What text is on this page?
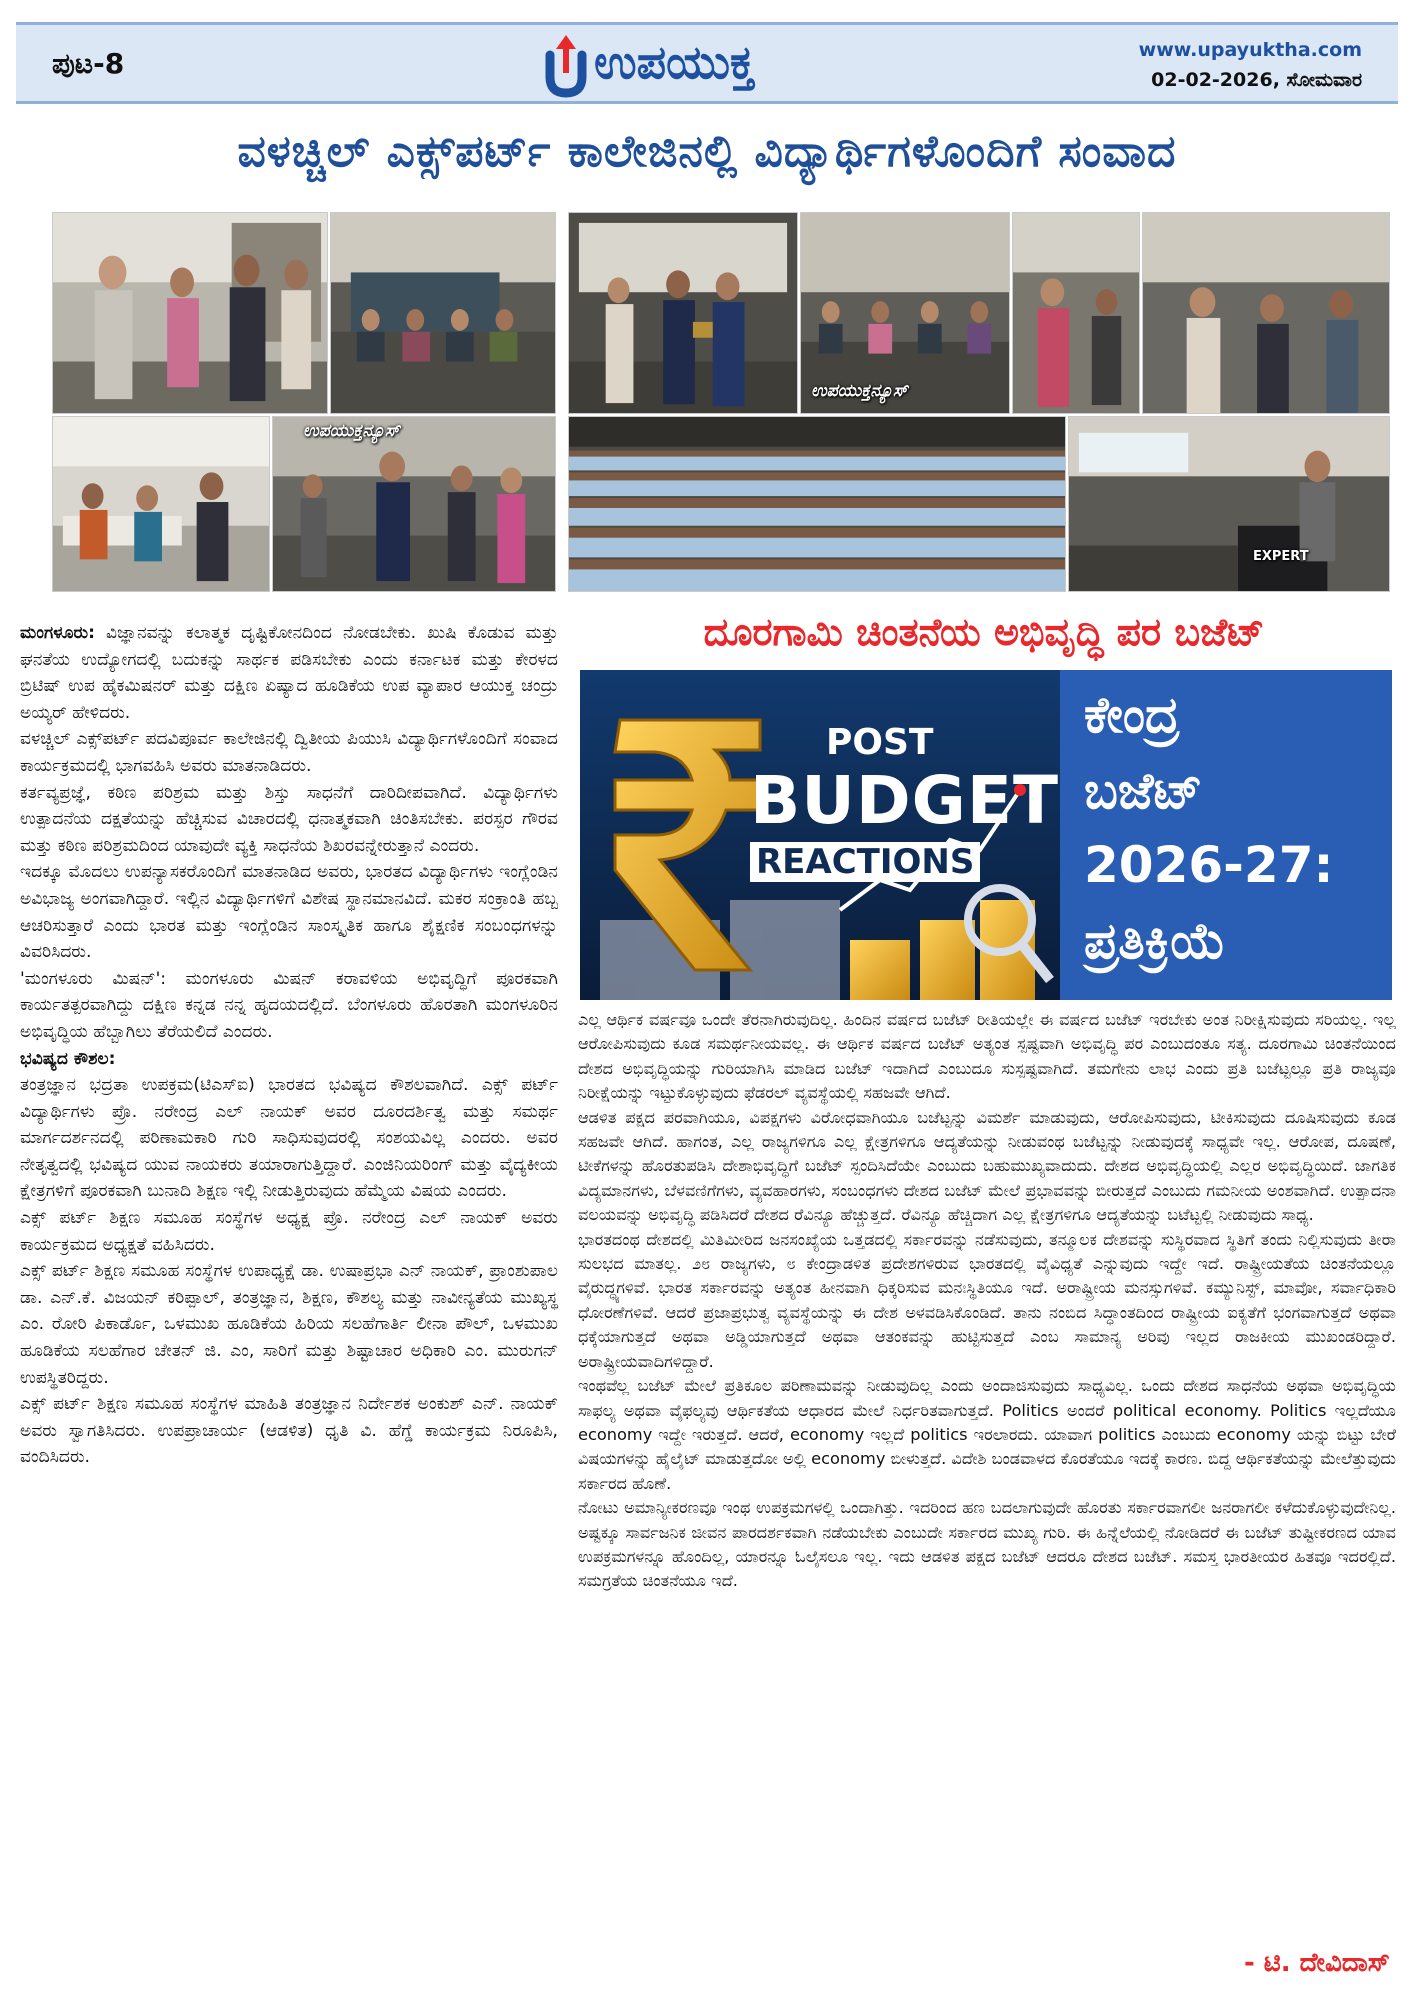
ಪುಟ-8	ಉಪಯುಕ್ತ	www.upayuktha.com
02-02-2026, ಸೋಮವಾರ
ವಳಚ್ಚಿಲ್ ಎಕ್ಸ್‌ಪರ್ಟ್ ಕಾಲೇಜಿನಲ್ಲಿ ವಿದ್ಯಾರ್ಥಿಗಳೊಂದಿಗೆ ಸಂವಾದ
ಉಪಯುಕ್ತನ್ಯೂಸ್
ಉಪಯುಕ್ತನ್ಯೂಸ್
EXPERT

ಮಂಗಳೂರು: ವಿಜ್ಞಾನವನ್ನು ಕಲಾತ್ಮಕ ದೃಷ್ಟಿಕೋನದಿಂದ ನೋಡಬೇಕು. ಖುಷಿ ಕೊಡುವ ಮತ್ತು ಘನತೆಯ ಉದ್ಯೋಗದಲ್ಲಿ ಬದುಕನ್ನು ಸಾರ್ಥಕ ಪಡಿಸಬೇಕು ಎಂದು ಕರ್ನಾಟಕ ಮತ್ತು ಕೇರಳದ ಬ್ರಿಟಿಷ್ ಉಪ ಹೈಕಮಿಷನರ್ ಮತ್ತು ದಕ್ಷಿಣ ಏಷ್ಯಾದ ಹೂಡಿಕೆಯ ಉಪ ವ್ಯಾಪಾರ ಆಯುಕ್ತ ಚಂದ್ರು ಅಯ್ಯರ್ ಹೇಳಿದರು.

ವಳಚ್ಚಿಲ್ ಎಕ್ಸ್‌ಪರ್ಟ್ ಪದವಿಪೂರ್ವ ಕಾಲೇಜಿನಲ್ಲಿ ದ್ವಿತೀಯ ಪಿಯುಸಿ ವಿದ್ಯಾರ್ಥಿಗಳೊಂದಿಗೆ ಸಂವಾದ ಕಾರ್ಯಕ್ರಮದಲ್ಲಿ ಭಾಗವಹಿಸಿ ಅವರು ಮಾತನಾಡಿದರು.

ಕರ್ತವ್ಯಪ್ರಜ್ಞೆ, ಕಠಿಣ ಪರಿಶ್ರಮ ಮತ್ತು ಶಿಸ್ತು ಸಾಧನೆಗೆ ದಾರಿದೀಪವಾಗಿದೆ. ವಿದ್ಯಾರ್ಥಿಗಳು ಉತ್ಪಾದನೆಯ ದಕ್ಷತೆಯನ್ನು ಹೆಚ್ಚಿಸುವ ವಿಚಾರದಲ್ಲಿ ಧನಾತ್ಮಕವಾಗಿ ಚಿಂತಿಸಬೇಕು. ಪರಸ್ಪರ ಗೌರವ ಮತ್ತು ಕಠಿಣ ಪರಿಶ್ರಮದಿಂದ ಯಾವುದೇ ವ್ಯಕ್ತಿ ಸಾಧನೆಯ ಶಿಖರವನ್ನೇರುತ್ತಾನೆ ಎಂದರು.

ಇದಕ್ಕೂ ಮೊದಲು ಉಪನ್ಯಾಸಕರೊಂದಿಗೆ ಮಾತನಾಡಿದ ಅವರು, ಭಾರತದ ವಿದ್ಯಾರ್ಥಿಗಳು ಇಂಗ್ಲೆಂಡಿನ ಅವಿಭಾಜ್ಯ ಅಂಗವಾಗಿದ್ದಾರೆ. ಇಲ್ಲಿನ ವಿದ್ಯಾರ್ಥಿಗಳಿಗೆ ವಿಶೇಷ ಸ್ಥಾನಮಾನವಿದೆ. ಮಕರ ಸಂಕ್ರಾಂತಿ ಹಬ್ಬ ಆಚರಿಸುತ್ತಾರೆ ಎಂದು ಭಾರತ ಮತ್ತು ಇಂಗ್ಲೆಂಡಿನ ಸಾಂಸ್ಕೃತಿಕ ಹಾಗೂ ಶೈಕ್ಷಣಿಕ ಸಂಬಂಧಗಳನ್ನು ವಿವರಿಸಿದರು.

'ಮಂಗಳೂರು ಮಿಷನ್': ಮಂಗಳೂರು ಮಿಷನ್ ಕರಾವಳಿಯ ಅಭಿವೃದ್ಧಿಗೆ ಪೂರಕವಾಗಿ ಕಾರ್ಯತತ್ಪರವಾಗಿದ್ದು ದಕ್ಷಿಣ ಕನ್ನಡ ನನ್ನ ಹೃದಯದಲ್ಲಿದೆ. ಬೆಂಗಳೂರು ಹೊರತಾಗಿ ಮಂಗಳೂರಿನ ಅಭಿವೃದ್ಧಿಯ ಹೆಬ್ಬಾಗಿಲು ತೆರೆಯಲಿದೆ ಎಂದರು.

ಭವಿಷ್ಯದ ಕೌಶಲ:

ತಂತ್ರಜ್ಞಾನ ಭದ್ರತಾ ಉಪಕ್ರಮ(ಟಿಎಸ್ಐ) ಭಾರತದ ಭವಿಷ್ಯದ ಕೌಶಲವಾಗಿದೆ. ಎಕ್ಸ್ ಪರ್ಟ್ ವಿದ್ಯಾರ್ಥಿಗಳು ಪ್ರೊ. ನರೇಂದ್ರ ಎಲ್ ನಾಯಕ್ ಅವರ ದೂರದರ್ಶಿತ್ವ ಮತ್ತು ಸಮರ್ಥ ಮಾರ್ಗದರ್ಶನದಲ್ಲಿ ಪರಿಣಾಮಕಾರಿ ಗುರಿ ಸಾಧಿಸುವುದರಲ್ಲಿ ಸಂಶಯವಿಲ್ಲ ಎಂದರು. ಅವರ ನೇತೃತ್ವದಲ್ಲಿ ಭವಿಷ್ಯದ ಯುವ ನಾಯಕರು ತಯಾರಾಗುತ್ತಿದ್ದಾರೆ. ಎಂಜಿನಿಯರಿಂಗ್ ಮತ್ತು ವೈದ್ಯಕೀಯ ಕ್ಷೇತ್ರಗಳಿಗೆ ಪೂರಕವಾಗಿ ಬುನಾದಿ ಶಿಕ್ಷಣ ಇಲ್ಲಿ ನೀಡುತ್ತಿರುವುದು ಹೆಮ್ಮೆಯ ವಿಷಯ ಎಂದರು.

ಎಕ್ಸ್ ಪರ್ಟ್ ಶಿಕ್ಷಣ ಸಮೂಹ ಸಂಸ್ಥೆಗಳ ಅಧ್ಯಕ್ಷ ಪ್ರೊ. ನರೇಂದ್ರ ಎಲ್ ನಾಯಕ್ ಅವರು ಕಾರ್ಯಕ್ರಮದ ಅಧ್ಯಕ್ಷತೆ ವಹಿಸಿದರು.

ಎಕ್ಸ್ ಪರ್ಟ್ ಶಿಕ್ಷಣ ಸಮೂಹ ಸಂಸ್ಥೆಗಳ ಉಪಾಧ್ಯಕ್ಷೆ ಡಾ. ಉಷಾಪ್ರಭಾ ಎನ್ ನಾಯಕ್, ಪ್ರಾಂಶುಪಾಲ ಡಾ. ಎನ್.ಕೆ. ವಿಜಯನ್ ಕರಿಪ್ಪಾಲ್, ತಂತ್ರಜ್ಞಾನ, ಶಿಕ್ಷಣ, ಕೌಶಲ್ಯ ಮತ್ತು ನಾವೀನ್ಯತೆಯ ಮುಖ್ಯಸ್ಥ ಎಂ. ರೋರಿ ಪಿಕಾರ್ಡೊ, ಒಳಮುಖ ಹೂಡಿಕೆಯ ಹಿರಿಯ ಸಲಹೆಗಾರ್ತಿ ಲೀನಾ ಪೌಲ್, ಒಳಮುಖ ಹೂಡಿಕೆಯ ಸಲಹೆಗಾರ ಚೇತನ್ ಜಿ. ಎಂ, ಸಾರಿಗೆ ಮತ್ತು ಶಿಷ್ಟಾಚಾರ ಅಧಿಕಾರಿ ಎಂ. ಮುರುಗನ್ ಉಪಸ್ಥಿತರಿದ್ದರು.

ಎಕ್ಸ್ ಪರ್ಟ್ ಶಿಕ್ಷಣ ಸಮೂಹ ಸಂಸ್ಥೆಗಳ ಮಾಹಿತಿ ತಂತ್ರಜ್ಞಾನ ನಿರ್ದೇಶಕ ಅಂಕುಶ್ ಎನ್. ನಾಯಕ್ ಅವರು ಸ್ವಾಗತಿಸಿದರು. ಉಪಪ್ರಾಚಾರ್ಯ (ಆಡಳಿತ) ಧೃತಿ ವಿ. ಹೆಗ್ಡೆ ಕಾರ್ಯಕ್ರಮ ನಿರೂಪಿಸಿ, ವಂದಿಸಿದರು.

ದೂರಗಾಮಿ ಚಿಂತನೆಯ ಅಭಿವೃದ್ಧಿ ಪರ ಬಜೆಟ್
POST
BUDGET
REACTIONS
ಕೇಂದ್ರ
ಬಜೆಟ್
2026-27:
ಪ್ರತಿಕ್ರಿಯೆ

ಎಲ್ಲ ಆರ್ಥಿಕ ವರ್ಷವೂ ಒಂದೇ ತೆರನಾಗಿರುವುದಿಲ್ಲ. ಹಿಂದಿನ ವರ್ಷದ ಬಜೆಟ್ ರೀತಿಯಲ್ಲೇ ಈ ವರ್ಷದ ಬಜೆಟ್ ಇರಬೇಕು ಅಂತ ನಿರೀಕ್ಷಿಸುವುದು ಸರಿಯಲ್ಲ. ಇಲ್ಲ ಆರೋಪಿಸುವುದು ಕೂಡ ಸಮರ್ಥನೀಯವಲ್ಲ. ಈ ಆರ್ಥಿಕ ವರ್ಷದ ಬಜೆಟ್ ಅತ್ಯಂತ ಸ್ಪಷ್ಟವಾಗಿ ಅಭಿವೃದ್ಧಿ ಪರ ಎಂಬುದಂತೂ ಸತ್ಯ. ದೂರಗಾಮಿ ಚಿಂತನೆಯಿಂದ ದೇಶದ ಅಭಿವೃದ್ಧಿಯನ್ನು ಗುರಿಯಾಗಿಸಿ ಮಾಡಿದ ಬಜೆಟ್ ಇದಾಗಿದೆ ಎಂಬುದೂ ಸುಸ್ಪಷ್ಟವಾಗಿದೆ. ತಮಗೇನು ಲಾಭ ಎಂದು ಪ್ರತಿ ಬಜೆಟ್ಟಲ್ಲೂ ಪ್ರತಿ ರಾಜ್ಯವೂ ನಿರೀಕ್ಷೆಯನ್ನು ಇಟ್ಟುಕೊಳ್ಳುವುದು ಫೆಡರಲ್ ವ್ಯವಸ್ಥೆಯಲ್ಲಿ ಸಹಜವೇ ಆಗಿದೆ.

ಆಡಳಿತ ಪಕ್ಷದ ಪರವಾಗಿಯೂ, ವಿಪಕ್ಷಗಳು ವಿರೋಧವಾಗಿಯೂ ಬಜೆಟ್ಟನ್ನು ವಿಮರ್ಶೆ ಮಾಡುವುದು, ಆರೋಪಿಸುವುದು, ಟೀಕಿಸುವುದು ದೂಷಿಸುವುದು ಕೂಡ ಸಹಜವೇ ಆಗಿದೆ. ಹಾಗಂತ, ಎಲ್ಲ ರಾಜ್ಯಗಳಿಗೂ ಎಲ್ಲ ಕ್ಷೇತ್ರಗಳಿಗೂ ಆದ್ಯತೆಯನ್ನು ನೀಡುವಂಥ ಬಜೆಟ್ಟನ್ನು ನೀಡುವುದಕ್ಕೆ ಸಾಧ್ಯವೇ ಇಲ್ಲ. ಆರೋಪ, ದೂಷಣೆ, ಟೀಕೆಗಳನ್ನು ಹೊರತುಪಡಿಸಿ ದೇಶಾಭಿವೃದ್ಧಿಗೆ ಬಜೆಟ್ ಸ್ಪಂದಿಸಿದೆಯೇ ಎಂಬುದು ಬಹುಮುಖ್ಯವಾದುದು. ದೇಶದ ಅಭಿವೃದ್ಧಿಯಲ್ಲಿ ಎಲ್ಲರ ಅಭಿವೃದ್ಧಿಯಿದೆ. ಜಾಗತಿಕ ವಿದ್ಯಮಾನಗಳು, ಬೆಳವಣಿಗೆಗಳು, ವ್ಯವಹಾರಗಳು, ಸಂಬಂಧಗಳು ದೇಶದ ಬಜೆಟ್ ಮೇಲೆ ಪ್ರಭಾವವನ್ನು ಬೀರುತ್ತದೆ ಎಂಬುದು ಗಮನೀಯ ಅಂಶವಾಗಿದೆ. ಉತ್ಪಾದನಾ ವಲಯವನ್ನು ಅಭಿವೃದ್ಧಿ ಪಡಿಸಿದರೆ ದೇಶದ ರೆವಿನ್ಯೂ ಹೆಚ್ಚುತ್ತದೆ. ರೆವಿನ್ಯೂ ಹೆಚ್ಚಿದಾಗ ಎಲ್ಲ ಕ್ಷೇತ್ರಗಳಿಗೂ ಆದ್ಯತೆಯನ್ನು ಬಟೆಟ್ಟಲ್ಲಿ ನೀಡುವುದು ಸಾಧ್ಯ.

ಭಾರತದಂಥ ದೇಶದಲ್ಲಿ ಮಿತಿಮೀರಿದ ಜನಸಂಖ್ಯೆಯ ಒತ್ತಡದಲ್ಲಿ ಸರ್ಕಾರವನ್ನು ನಡೆಸುವುದು, ತನ್ಮೂಲಕ ದೇಶವನ್ನು ಸುಸ್ಥಿರವಾದ ಸ್ಥಿತಿಗೆ ತಂದು ನಿಲ್ಲಿಸುವುದು ತೀರಾ ಸುಲಭದ ಮಾತಲ್ಲ. ೨೮ ರಾಜ್ಯಗಳು, ೮ ಕೇಂದ್ರಾಡಳಿತ ಪ್ರದೇಶಗಳಿರುವ ಭಾರತದಲ್ಲಿ ವೈವಿಧ್ಯತೆ ಎನ್ನುವುದು ಇದ್ದೇ ಇದೆ. ರಾಷ್ಟ್ರೀಯತೆಯ ಚಿಂತನೆಯಲ್ಲೂ ವೈರುದ್ಧ್ಯಗಳಿವೆ. ಭಾರತ ಸರ್ಕಾರವನ್ನು ಅತ್ಯಂತ ಹೀನವಾಗಿ ಧಿಕ್ಕರಿಸುವ ಮನಃಸ್ಥಿತಿಯೂ ಇದೆ. ಅರಾಷ್ಟ್ರೀಯ ಮನಸ್ಸುಗಳಿವೆ. ಕಮ್ಯುನಿಸ್ಟ್, ಮಾವೋ, ಸರ್ವಾಧಿಕಾರಿ ಧೋರಣೆಗಳಿವೆ. ಆದರೆ ಪ್ರಜಾಪ್ರಭುತ್ವ ವ್ಯವಸ್ಥೆಯನ್ನು ಈ ದೇಶ ಅಳವಡಿಸಿಕೊಂಡಿದೆ. ತಾನು ನಂಬಿದ ಸಿದ್ಧಾಂತದಿಂದ ರಾಷ್ಟ್ರೀಯ ಐಕ್ಯತೆಗೆ ಭಂಗವಾಗುತ್ತದೆ ಅಥವಾ ಧಕ್ಕೆಯಾಗುತ್ತದೆ ಅಥವಾ ಅಡ್ಡಿಯಾಗುತ್ತದೆ ಅಥವಾ ಆತಂಕವನ್ನು ಹುಟ್ಟಿಸುತ್ತದೆ ಎಂಬ ಸಾಮಾನ್ಯ ಅರಿವು ಇಲ್ಲದ ರಾಜಕೀಯ ಮುಖಂಡರಿದ್ದಾರೆ. ಅರಾಷ್ಟ್ರೀಯವಾದಿಗಳಿದ್ದಾರೆ.

ಇಂಥವೆಲ್ಲ ಬಜೆಟ್ ಮೇಲೆ ಪ್ರತಿಕೂಲ ಪರಿಣಾಮವನ್ನು ನೀಡುವುದಿಲ್ಲ ಎಂದು ಅಂದಾಜಿಸುವುದು ಸಾಧ್ಯವಿಲ್ಲ. ಒಂದು ದೇಶದ ಸಾಧನೆಯ ಅಥವಾ ಅಭಿವೃದ್ಧಿಯ ಸಾಫಲ್ಯ ಅಥವಾ ವೈಫಲ್ಯವು ಆರ್ಥಿಕತೆಯ ಆಧಾರದ ಮೇಲೆ ನಿರ್ಧರಿತವಾಗುತ್ತದೆ. Politics ಅಂದರೆ political economy. Politics ಇಲ್ಲದೆಯೂ economy ಇದ್ದೇ ಇರುತ್ತದೆ. ಆದರೆ, economy ಇಲ್ಲದೆ politics ಇರಲಾರದು. ಯಾವಾಗ politics ಎಂಬುದು economy ಯನ್ನು ಬಿಟ್ಟು ಬೇರೆ ವಿಷಯಗಳನ್ನು ಹೈಲೈಟ್ ಮಾಡುತ್ತದೋ ಅಲ್ಲಿ economy ಬೀಳುತ್ತದೆ. ವಿದೇಶಿ ಬಂಡವಾಳದ ಕೊರತೆಯೂ ಇದಕ್ಕೆ ಕಾರಣ. ಬಿದ್ದ ಆರ್ಥಿಕತೆಯನ್ನು ಮೇಲೆತ್ತುವುದು ಸರ್ಕಾರದ ಹೊಣೆ.

ನೋಟು ಅಮಾನ್ಯೀಕರಣವೂ ಇಂಥ ಉಪಕ್ರಮಗಳಲ್ಲಿ ಒಂದಾಗಿತ್ತು. ಇದರಿಂದ ಹಣ ಬದಲಾಗುವುದೇ ಹೊರತು ಸರ್ಕಾರವಾಗಲೀ ಜನರಾಗಲೀ ಕಳೆದುಕೊಳ್ಳುವುದೇನಿಲ್ಲ. ಅಷ್ಟಕ್ಕೂ ಸಾರ್ವಜನಿಕ ಜೀವನ ಪಾರದರ್ಶಕವಾಗಿ ನಡೆಯಬೇಕು ಎಂಬುದೇ ಸರ್ಕಾರದ ಮುಖ್ಯ ಗುರಿ. ಈ ಹಿನ್ನೆಲೆಯಲ್ಲಿ ನೋಡಿದರೆ ಈ ಬಜೆಟ್ ತುಷ್ಟೀಕರಣದ ಯಾವ ಉಪಕ್ರಮಗಳನ್ನೂ ಹೊಂದಿಲ್ಲ, ಯಾರನ್ನೂ ಓಲೈಸಲೂ ಇಲ್ಲ. ಇದು ಆಡಳಿತ ಪಕ್ಷದ ಬಜೆಟ್ ಆದರೂ ದೇಶದ ಬಜೆಟ್. ಸಮಸ್ತ ಭಾರತೀಯರ ಹಿತವೂ ಇದರಲ್ಲಿದೆ. ಸಮಗ್ರತೆಯ ಚಿಂತನೆಯೂ ಇದೆ.

- ಟಿ. ದೇವಿದಾಸ್
